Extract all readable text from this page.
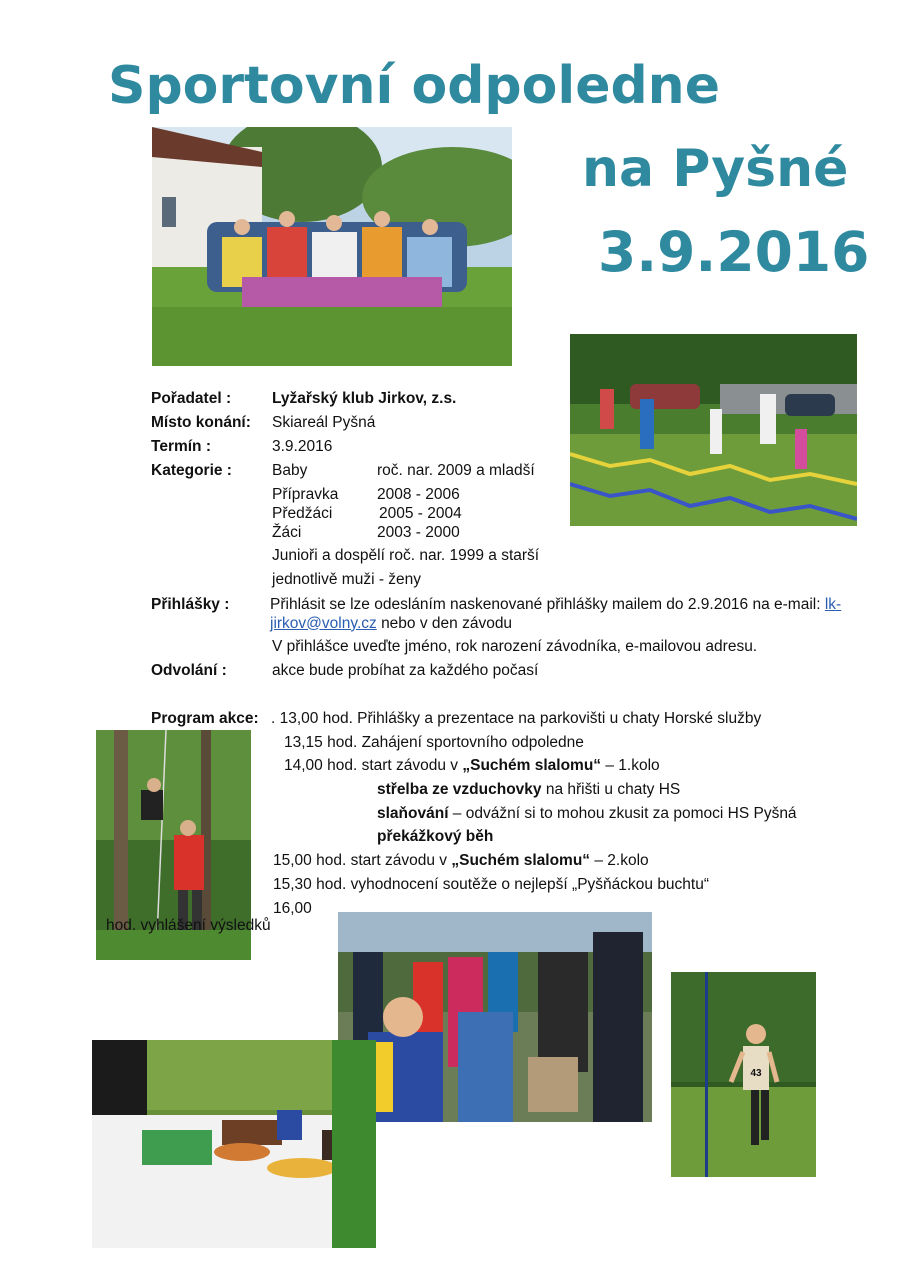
Sportovní odpoledne
na Pyšné
3.9.2016
Pořadatel :	Lyžařský klub Jirkov, z.s.
Místo konání: Skiareál Pyšná
Termín :	3.9.2016
Kategorie :	Baby	roč. nar. 2009 a mladší
Přípravka 2008 - 2006
Předžáci	2005 - 2004
Žáci	2003 - 2000
Junioři a dospělí roč. nar. 1999 a starší
jednotlivě muži - ženy
Přihlášky :	Přihlásit se lze odesláním naskenované přihlášky mailem do 2.9.2016 na e-mail: lk-jirkov@volny.cz nebo v den závodu
V přihlášce uveďte jméno, rok narození závodníka, e-mailovou adresu.
Odvolání :	akce bude probíhat za každého počasí
Program akce: . 13,00 hod. Přihlášky a prezentace na parkovišti u chaty Horské služby
13,15 hod. Zahájení sportovního odpoledne
14,00 hod. start závodu v „Suchém slalomu“ – 1.kolo
střelba ze vzduchovky na hřišti u chaty HS
slaňování – odvážní si to mohou zkusit za pomoci HS Pyšná
překážkový běh
15,00 hod. start závodu v „Suchém slalomu“ – 2.kolo
15,30 hod. vyhodnocení soutěže o nejlepší „Pyšňáckou buchtu“
16,00
hod. vyhlášení výsledků
43
